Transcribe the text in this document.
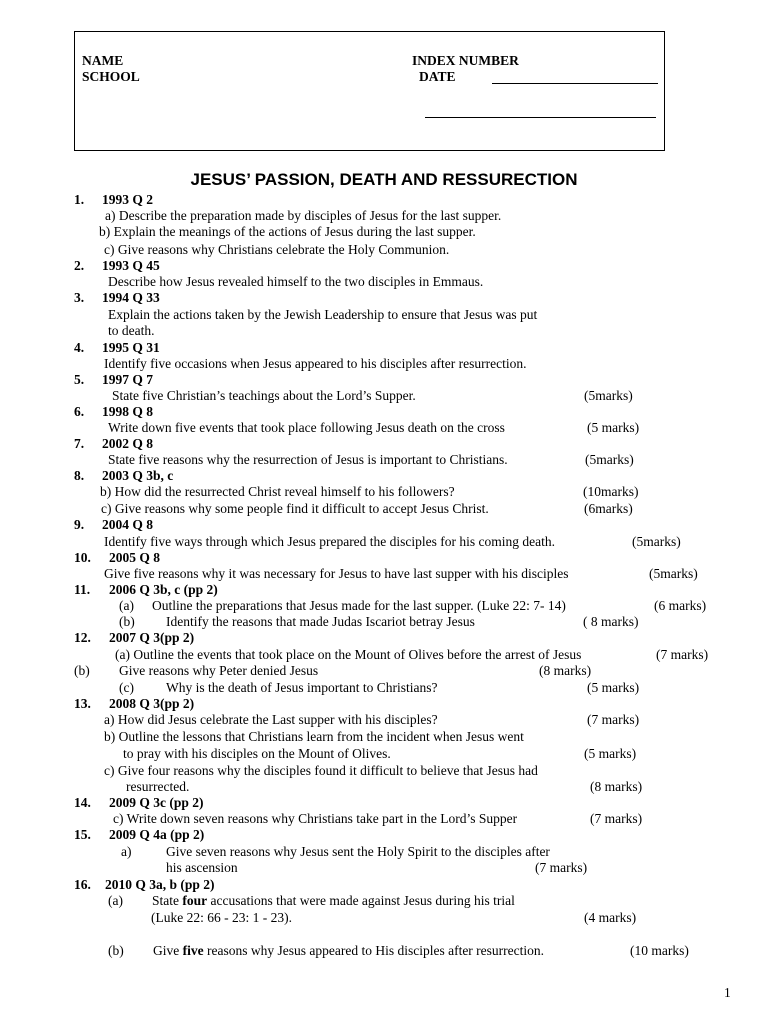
NAME
SCHOOL
INDEX NUMBER
DATE
JESUS’ PASSION, DEATH AND RESSURECTION
1. 1993 Q 2
a) Describe the preparation made by disciples of Jesus for the last supper.
b) Explain the meanings of the actions of Jesus during the last supper.
c) Give reasons why Christians celebrate the Holy Communion.
2. 1993 Q 45
Describe how Jesus revealed himself to the two disciples in Emmaus.
3. 1994 Q 33
Explain the actions taken by the Jewish Leadership to ensure that Jesus was put
to death.
4. 1995 Q 31
Identify five occasions when Jesus appeared to his disciples after resurrection.
5. 1997 Q 7
State five Christian’s teachings about the Lord’s Supper.	(5marks)
6. 1998 Q 8
Write down five events that took place following Jesus death on the cross	(5 marks)
7. 2002 Q 8
State five reasons why the resurrection of Jesus is important to Christians.	(5marks)
8. 2003 Q 3b, c
b) How did the resurrected Christ reveal himself to his followers?	(10marks)
c) Give reasons why some people find it difficult to accept Jesus Christ.	(6marks)
9. 2004 Q 8
Identify five ways through which Jesus prepared the disciples for his coming death.	(5marks)
10. 2005 Q 8
Give five reasons why it was necessary for Jesus to have last supper with his disciples	(5marks)
11. 2006 Q 3b, c (pp 2)
(a) Outline the preparations that Jesus made for the last supper. (Luke 22: 7- 14)	(6 marks)
(b) Identify the reasons that made Judas Iscariot betray Jesus	( 8 marks)
12. 2007 Q 3(pp 2)
(a) Outline the events that took place on the Mount of Olives before the arrest of Jesus	(7 marks)
(b) Give reasons why Peter denied Jesus	(8 marks)
(c) Why is the death of Jesus important to Christians?	(5 marks)
13. 2008 Q 3(pp 2)
a) How did Jesus celebrate the Last supper with his disciples?	(7 marks)
b) Outline the lessons that Christians learn from the incident when Jesus went
to pray with his disciples on the Mount of Olives.	(5 marks)
c) Give four reasons why the disciples found it difficult to believe that Jesus had
resurrected.	(8 marks)
14. 2009 Q 3c (pp 2)
c) Write down seven reasons why Christians take part in the Lord’s Supper	(7 marks)
15. 2009 Q 4a (pp 2)
a)	Give seven reasons why Jesus sent the Holy Spirit to the disciples after
his ascension	(7 marks)
16. 2010 Q 3a, b (pp 2)
(a) State four accusations that were made against Jesus during his trial
(Luke 22: 66 - 23: 1 - 23).	(4 marks)
(b) Give five reasons why Jesus appeared to His disciples after resurrection.	(10 marks)
1
